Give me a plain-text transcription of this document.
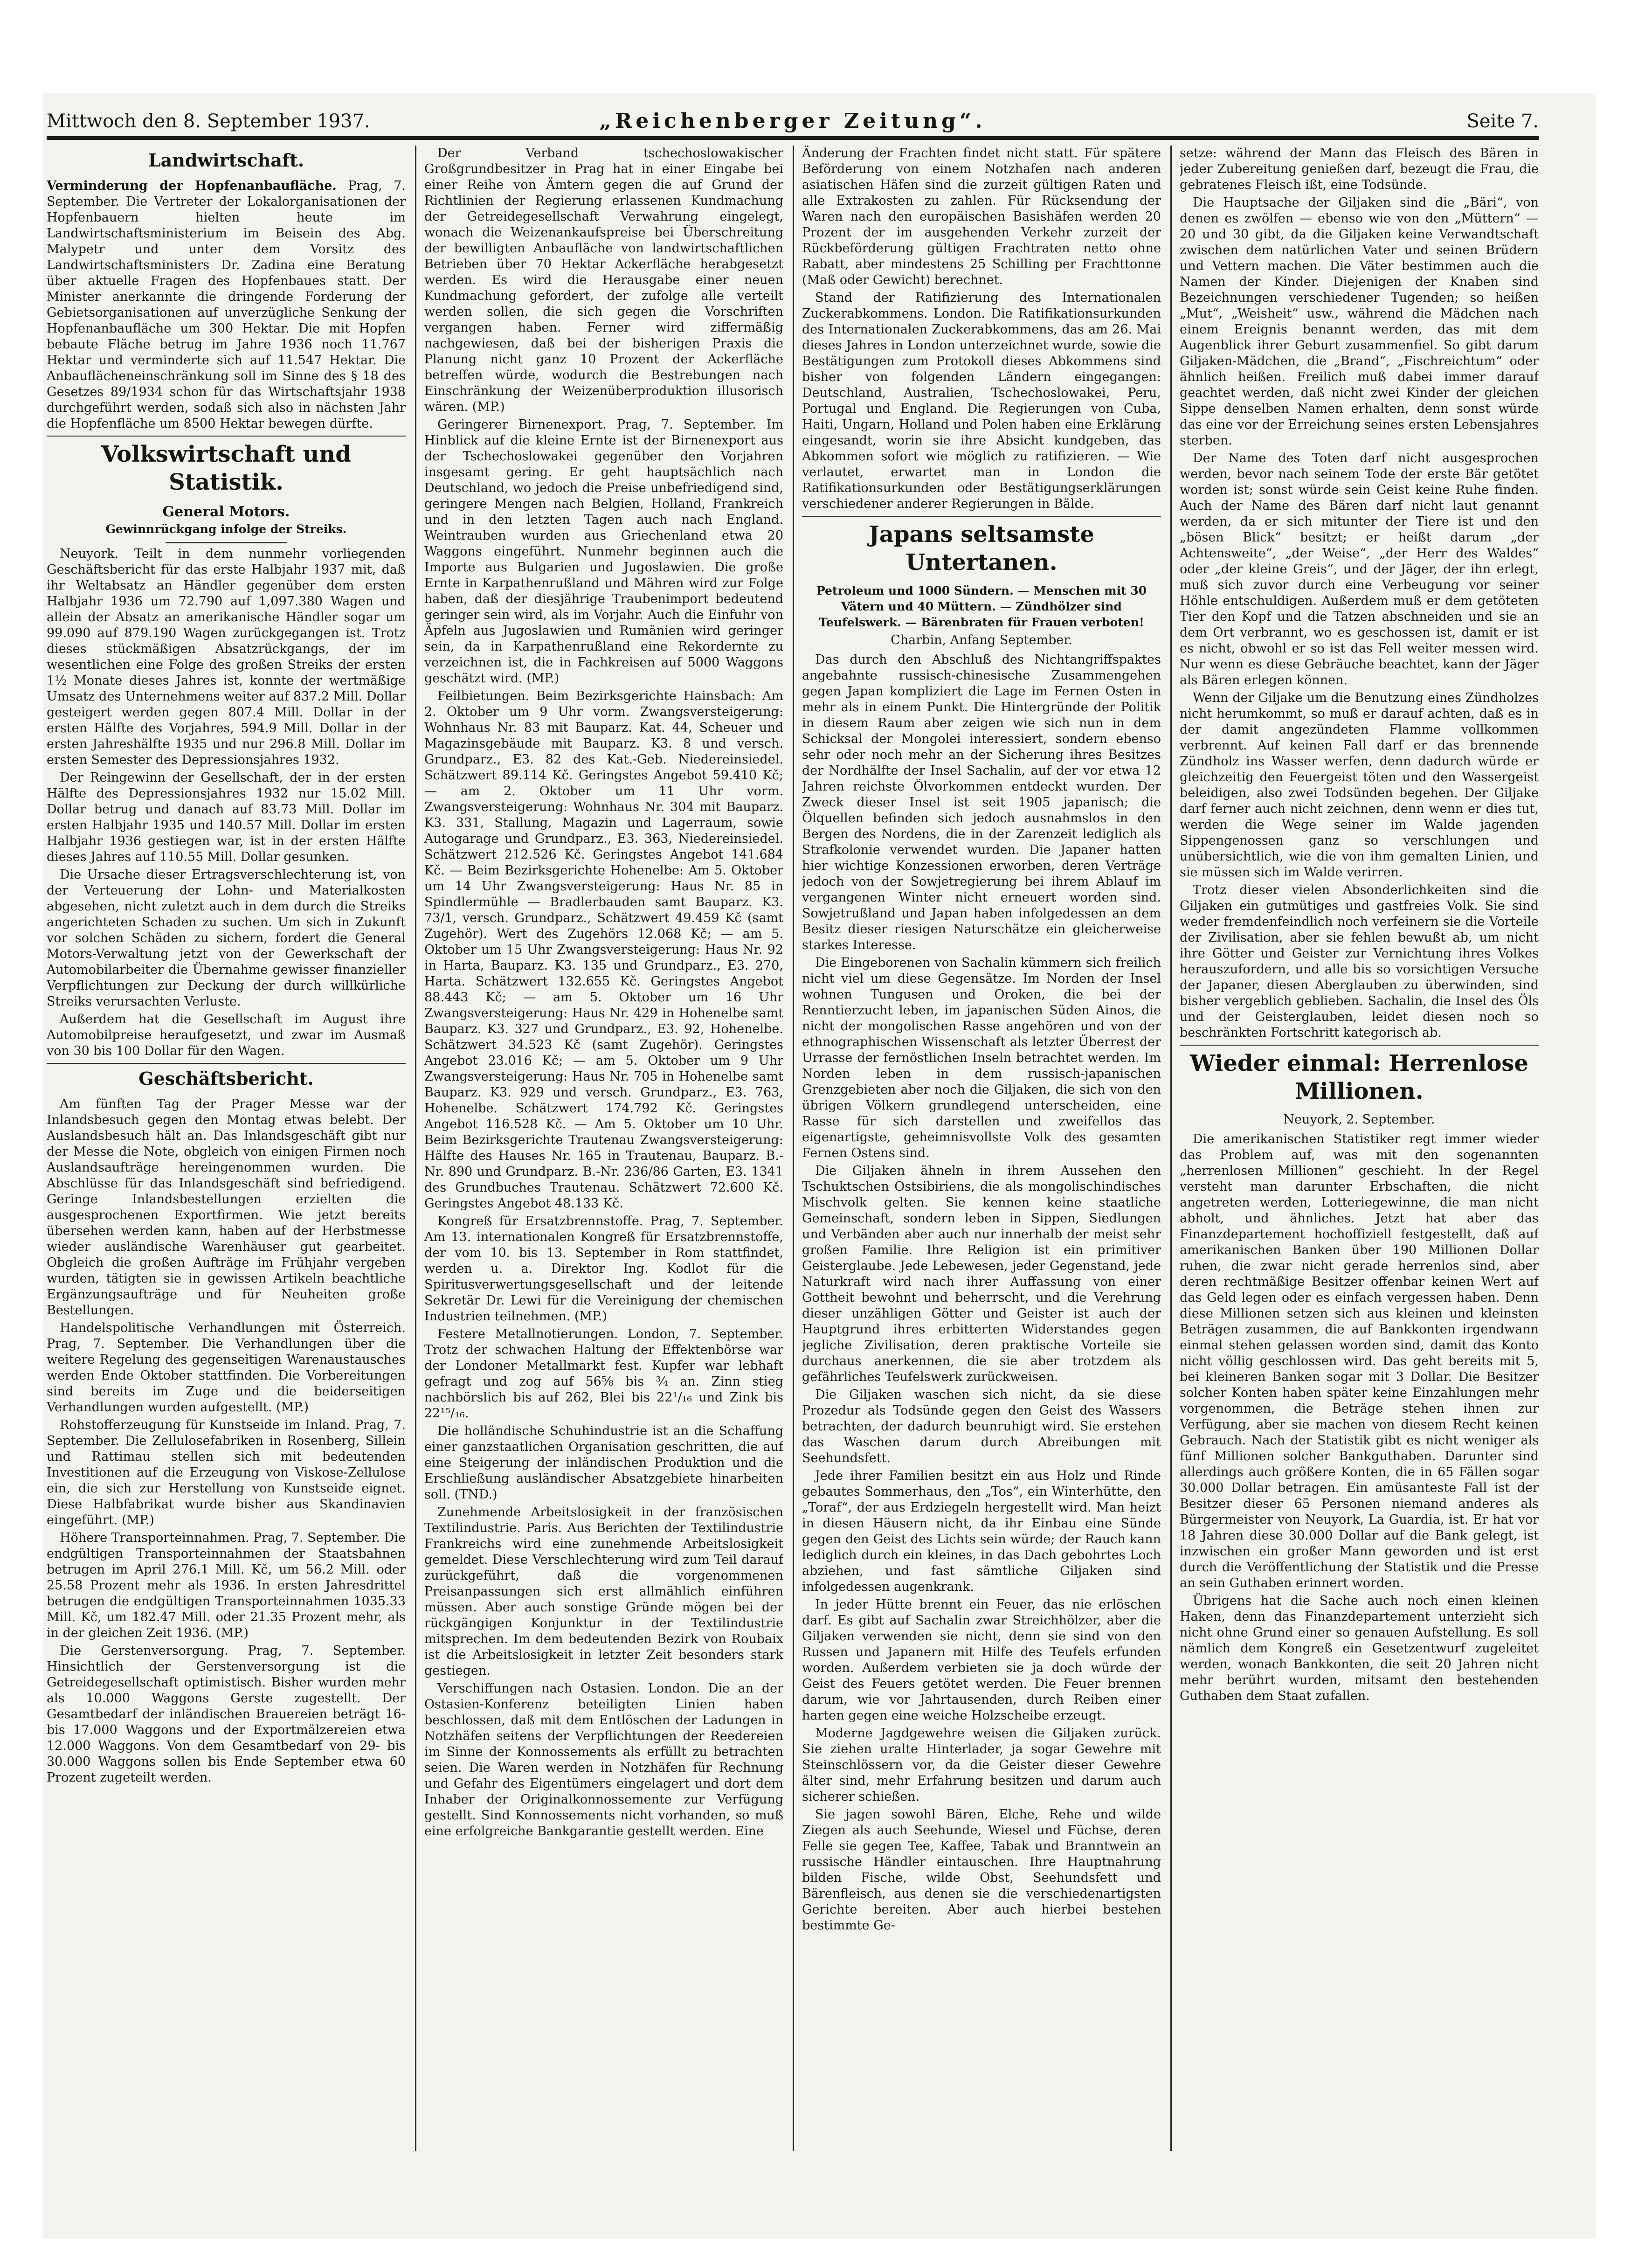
„Reichenberger Zeitung“.
Mittwoch den 8. September 1937.	Seite 7.
Landwirtschaft.

Verminderung der Hopfenanbaufläche. Prag, 7. September. Die Vertreter der Lokalorganisationen der Hopfenbauern hielten heute im Landwirtschaftsministerium im Beisein des Abg. Malypetr und unter dem Vorsitz des Landwirtschaftsministers Dr. Zadina eine Beratung über aktuelle Fragen des Hopfenbaues statt. Der Minister anerkannte die dringende Forderung der Gebietsorganisationen auf unverzügliche Senkung der Hopfenanbaufläche um 300 Hektar. Die mit Hopfen bebaute Fläche betrug im Jahre 1936 noch 11.767 Hektar und verminderte sich auf 11.547 Hektar. Die Anbauflächeneinschränkung soll im Sinne des § 18 des Gesetzes 89/1934 schon für das Wirtschaftsjahr 1938 durchgeführt werden, sodaß sich also in nächsten Jahr die Hopfenfläche um 8500 Hektar bewegen dürfte.

Volkswirtschaft und Statistik.
General Motors.
Gewinnrückgang infolge der Streiks.

Neuyork. Teilt in dem nunmehr vorliegenden Geschäftsbericht für das erste Halbjahr 1937 mit, daß ihr Weltabsatz an Händler gegenüber dem ersten Halbjahr 1936 um 72.790 auf 1,097.380 Wagen und allein der Absatz an amerikanische Händler sogar um 99.090 auf 879.190 Wagen zurückgegangen ist. Trotz dieses stückmäßigen Absatzrückgangs, der im wesentlichen eine Folge des großen Streiks der ersten 1½ Monate dieses Jahres ist, konnte der wertmäßige Umsatz des Unternehmens weiter auf 837.2 Mill. Dollar gesteigert werden gegen 807.4 Mill. Dollar in der ersten Hälfte des Vorjahres, 594.9 Mill. Dollar in der ersten Jahreshälfte 1935 und nur 296.8 Mill. Dollar im ersten Semester des Depressionsjahres 1932.

Der Reingewinn der Gesellschaft, der in der ersten Hälfte des Depressionsjahres 1932 nur 15.02 Mill. Dollar betrug und danach auf 83.73 Mill. Dollar im ersten Halbjahr 1935 und 140.57 Mill. Dollar im ersten Halbjahr 1936 gestiegen war, ist in der ersten Hälfte dieses Jahres auf 110.55 Mill. Dollar gesunken.

Die Ursache dieser Ertragsverschlechterung ist, von der Verteuerung der Lohn- und Materialkosten abgesehen, nicht zuletzt auch in dem durch die Streiks angerichteten Schaden zu suchen. Um sich in Zukunft vor solchen Schäden zu sichern, fordert die General Motors-Verwaltung jetzt von der Gewerkschaft der Automobilarbeiter die Übernahme gewisser finanzieller Verpflichtungen zur Deckung der durch willkürliche Streiks verursachten Verluste.

Außerdem hat die Gesellschaft im August ihre Automobilpreise heraufgesetzt, und zwar im Ausmaß von 30 bis 100 Dollar für den Wagen.

Geschäftsbericht.

Am fünften Tag der Prager Messe war der Inlandsbesuch gegen den Montag etwas belebt. Der Auslandsbesuch hält an. Das Inlandsgeschäft gibt nur der Messe die Note, obgleich von einigen Firmen noch Auslandsaufträge hereingenommen wurden. Die Abschlüsse für das Inlandsgeschäft sind befriedigend. Geringe Inlandsbestellungen erzielten die ausgesprochenen Exportfirmen. Wie jetzt bereits übersehen werden kann, haben auf der Herbstmesse wieder ausländische Warenhäuser gut gearbeitet. Obgleich die großen Aufträge im Frühjahr vergeben wurden, tätigten sie in gewissen Artikeln beachtliche Ergänzungsaufträge und für Neuheiten große Bestellungen.

Handelspolitische Verhandlungen mit Österreich. Prag, 7. September. Die Verhandlungen über die weitere Regelung des gegenseitigen Warenaustausches werden Ende Oktober stattfinden. Die Vorbereitungen sind bereits im Zuge und die beiderseitigen Verhandlungen wurden aufgestellt. (MP.)

Rohstofferzeugung für Kunstseide im Inland. Prag, 7. September. Die Zellulosefabriken in Rosenberg, Sillein und Rattimau stellen sich mit bedeutenden Investitionen auf die Erzeugung von Viskose-Zellulose ein, die sich zur Herstellung von Kunstseide eignet. Diese Halbfabrikat wurde bisher aus Skandinavien eingeführt. (MP.)

Höhere Transporteinnahmen. Prag, 7. September. Die endgültigen Transporteinnahmen der Staatsbahnen betrugen im April 276.1 Mill. Kč, um 56.2 Mill. oder 25.58 Prozent mehr als 1936. In ersten Jahresdrittel betrugen die endgültigen Transporteinnahmen 1035.33 Mill. Kč, um 182.47 Mill. oder 21.35 Prozent mehr, als in der gleichen Zeit 1936. (MP.)

Die Gerstenversorgung. Prag, 7. September. Hinsichtlich der Gerstenversorgung ist die Getreidegesellschaft optimistisch. Bisher wurden mehr als 10.000 Waggons Gerste zugestellt. Der Gesamtbedarf der inländischen Brauereien beträgt 16- bis 17.000 Waggons und der Exportmälzereien etwa 12.000 Waggons. Von dem Gesamtbedarf von 29- bis 30.000 Waggons sollen bis Ende September etwa 60 Prozent zugeteilt werden.

Der Verband tschechoslowakischer Großgrundbesitzer in Prag hat in einer Eingabe bei einer Reihe von Ämtern gegen die auf Grund der Richtlinien der Regierung erlassenen Kundmachung der Getreidegesellschaft Verwahrung eingelegt, wonach die Weizenankaufspreise bei Überschreitung der bewilligten Anbaufläche von landwirtschaftlichen Betrieben über 70 Hektar Ackerfläche herabgesetzt werden. Es wird die Herausgabe einer neuen Kundmachung gefordert, der zufolge alle verteilt werden sollen, die sich gegen die Vorschriften vergangen haben. Ferner wird ziffermäßig nachgewiesen, daß bei der bisherigen Praxis die Planung nicht ganz 10 Prozent der Ackerfläche betreffen würde, wodurch die Bestrebungen nach Einschränkung der Weizenüberproduktion illusorisch wären. (MP.)

Geringerer Birnenexport. Prag, 7. September. Im Hinblick auf die kleine Ernte ist der Birnenexport aus der Tschechoslowakei gegenüber den Vorjahren insgesamt gering. Er geht hauptsächlich nach Deutschland, wo jedoch die Preise unbefriedigend sind, geringere Mengen nach Belgien, Holland, Frankreich und in den letzten Tagen auch nach England. Weintrauben wurden aus Griechenland etwa 20 Waggons eingeführt. Nunmehr beginnen auch die Importe aus Bulgarien und Jugoslawien. Die große Ernte in Karpathenrußland und Mähren wird zur Folge haben, daß der diesjährige Traubenimport bedeutend geringer sein wird, als im Vorjahr. Auch die Einfuhr von Äpfeln aus Jugoslawien und Rumänien wird geringer sein, da in Karpathenrußland eine Rekordernte zu verzeichnen ist, die in Fachkreisen auf 5000 Waggons geschätzt wird. (MP.)

Feilbietungen. Beim Bezirksgerichte Hainsbach: Am 2. Oktober um 9 Uhr vorm. Zwangsversteigerung: Wohnhaus Nr. 83 mit Bauparz. Kat. 44, Scheuer und Magazinsgebäude mit Bauparz. K3. 8 und versch. Grundparz., E3. 82 des Kat.-Geb. Niedereinsiedel. Schätzwert 89.114 Kč. Geringstes Angebot 59.410 Kč; — am 2. Oktober um 11 Uhr vorm. Zwangsversteigerung: Wohnhaus Nr. 304 mit Bauparz. K3. 331, Stallung, Magazin und Lagerraum, sowie Autogarage und Grundparz., E3. 363, Niedereinsiedel. Schätzwert 212.526 Kč. Geringstes Angebot 141.684 Kč. — Beim Bezirksgerichte Hohenelbe: Am 5. Oktober um 14 Uhr Zwangsversteigerung: Haus Nr. 85 in Spindlermühle — Bradlerbauden samt Bauparz. K3. 73/1, versch. Grundparz., Schätzwert 49.459 Kč (samt Zugehör). Wert des Zugehörs 12.068 Kč; — am 5. Oktober um 15 Uhr Zwangsversteigerung: Haus Nr. 92 in Harta, Bauparz. K3. 135 und Grundparz., E3. 270, Harta. Schätzwert 132.655 Kč. Geringstes Angebot 88.443 Kč; — am 5. Oktober um 16 Uhr Zwangsversteigerung: Haus Nr. 429 in Hohenelbe samt Bauparz. K3. 327 und Grundparz., E3. 92, Hohenelbe. Schätzwert 34.523 Kč (samt Zugehör). Geringstes Angebot 23.016 Kč; — am 5. Oktober um 9 Uhr Zwangsversteigerung: Haus Nr. 705 in Hohenelbe samt Bauparz. K3. 929 und versch. Grundparz., E3. 763, Hohenelbe. Schätzwert 174.792 Kč. Geringstes Angebot 116.528 Kč. — Am 5. Oktober um 10 Uhr. Beim Bezirksgerichte Trautenau Zwangsversteigerung: Hälfte des Hauses Nr. 165 in Trautenau, Bauparz. B.-Nr. 890 und Grundparz. B.-Nr. 236/86 Garten, E3. 1341 des Grundbuches Trautenau. Schätzwert 72.600 Kč. Geringstes Angebot 48.133 Kč.

Kongreß für Ersatzbrennstoffe. Prag, 7. September. Am 13. internationalen Kongreß für Ersatzbrennstoffe, der vom 10. bis 13. September in Rom stattfindet, werden u. a. Direktor Ing. Kodlot für die Spiritusverwertungsgesellschaft und der leitende Sekretär Dr. Lewi für die Vereinigung der chemischen Industrien teilnehmen. (MP.)

Festere Metallnotierungen. London, 7. September. Trotz der schwachen Haltung der Effektenbörse war der Londoner Metallmarkt fest. Kupfer war lebhaft gefragt und zog auf 56⅝ bis ¾ an. Zinn stieg nachbörslich bis auf 262, Blei bis 22¹/₁₆ und Zink bis 22¹⁵/₁₆.

Die holländische Schuhindustrie ist an die Schaffung einer ganzstaatlichen Organisation geschritten, die auf eine Steigerung der inländischen Produktion und die Erschließung ausländischer Absatzgebiete hinarbeiten soll. (TND.)

Zunehmende Arbeitslosigkeit in der französischen Textilindustrie. Paris. Aus Berichten der Textilindustrie Frankreichs wird eine zunehmende Arbeitslosigkeit gemeldet. Diese Verschlechterung wird zum Teil darauf zurückgeführt, daß die vorgenommenen Preisanpassungen sich erst allmählich einführen müssen. Aber auch sonstige Gründe mögen bei der rückgängigen Konjunktur in der Textilindustrie mitsprechen. Im dem bedeutenden Bezirk von Roubaix ist die Arbeitslosigkeit in letzter Zeit besonders stark gestiegen.

Verschiffungen nach Ostasien. London. Die an der Ostasien-Konferenz beteiligten Linien haben beschlossen, daß mit dem Entlöschen der Ladungen in Notzhäfen seitens der Verpflichtungen der Reedereien im Sinne der Konnossements als erfüllt zu betrachten seien. Die Waren werden in Notzhäfen für Rechnung und Gefahr des Eigentümers eingelagert und dort dem Inhaber der Originalkonnossemente zur Verfügung gestellt. Sind Konnossements nicht vorhanden, so muß eine erfolgreiche Bankgarantie gestellt werden. Eine

Änderung der Frachten findet nicht statt. Für spätere Beförderung von einem Notzhafen nach anderen asiatischen Häfen sind die zurzeit gültigen Raten und alle Extrakosten zu zahlen. Für Rücksendung der Waren nach den europäischen Basishäfen werden 20 Prozent der im ausgehenden Verkehr zurzeit der Rückbeförderung gültigen Frachtraten netto ohne Rabatt, aber mindestens 25 Schilling per Frachttonne (Maß oder Gewicht) berechnet.

Stand der Ratifizierung des Internationalen Zuckerabkommens. London. Die Ratifikationsurkunden des Internationalen Zuckerabkommens, das am 26. Mai dieses Jahres in London unterzeichnet wurde, sowie die Bestätigungen zum Protokoll dieses Abkommens sind bisher von folgenden Ländern eingegangen: Deutschland, Australien, Tschechoslowakei, Peru, Portugal und England. Die Regierungen von Cuba, Haiti, Ungarn, Holland und Polen haben eine Erklärung eingesandt, worin sie ihre Absicht kundgeben, das Abkommen sofort wie möglich zu ratifizieren. — Wie verlautet, erwartet man in London die Ratifikationsurkunden oder Bestätigungserklärungen verschiedener anderer Regierungen in Bälde.

Japans seltsamste Untertanen.
Petroleum und 1000 Sündern. — Menschen mit 30 Vätern und 40 Müttern. — Zündhölzer sind Teufelswerk. — Bärenbraten für Frauen verboten!
Charbin, Anfang September.

Das durch den Abschluß des Nichtangriffspaktes angebahnte russisch-chinesische Zusammengehen gegen Japan kompliziert die Lage im Fernen Osten in mehr als in einem Punkt. Die Hintergründe der Politik in diesem Raum aber zeigen wie sich nun in dem Schicksal der Mongolei interessiert, sondern ebenso sehr oder noch mehr an der Sicherung ihres Besitzes der Nordhälfte der Insel Sachalin, auf der vor etwa 12 Jahren reichste Ölvorkommen entdeckt wurden. Der Zweck dieser Insel ist seit 1905 japanisch; die Ölquellen befinden sich jedoch ausnahmslos in den Bergen des Nordens, die in der Zarenzeit lediglich als Strafkolonie verwendet wurden. Die Japaner hatten hier wichtige Konzessionen erworben, deren Verträge jedoch von der Sowjetregierung bei ihrem Ablauf im vergangenen Winter nicht erneuert worden sind. Sowjetrußland und Japan haben infolgedessen an dem Besitz dieser riesigen Naturschätze ein gleicherweise starkes Interesse.

Die Eingeborenen von Sachalin kümmern sich freilich nicht viel um diese Gegensätze. Im Norden der Insel wohnen Tungusen und Oroken, die bei der Renntierzucht leben, im japanischen Süden Ainos, die nicht der mongolischen Rasse angehören und von der ethnographischen Wissenschaft als letzter Überrest der Urrasse der fernöstlichen Inseln betrachtet werden. Im Norden leben in dem russisch-japanischen Grenzgebieten aber noch die Giljaken, die sich von den übrigen Völkern grundlegend unterscheiden, eine Rasse für sich darstellen und zweifellos das eigenartigste, geheimnisvollste Volk des gesamten Fernen Ostens sind.

Die Giljaken ähneln in ihrem Aussehen den Tschuktschen Ostsibiriens, die als mongolischindisches Mischvolk gelten. Sie kennen keine staatliche Gemeinschaft, sondern leben in Sippen, Siedlungen und Verbänden aber auch nur innerhalb der meist sehr großen Familie. Ihre Religion ist ein primitiver Geisterglaube. Jede Lebewesen, jeder Gegenstand, jede Naturkraft wird nach ihrer Auffassung von einer Gottheit bewohnt und beherrscht, und die Verehrung dieser unzähligen Götter und Geister ist auch der Hauptgrund ihres erbitterten Widerstandes gegen jegliche Zivilisation, deren praktische Vorteile sie durchaus anerkennen, die sie aber trotzdem als gefährliches Teufelswerk zurückweisen.

Die Giljaken waschen sich nicht, da sie diese Prozedur als Todsünde gegen den Geist des Wassers betrachten, der dadurch beunruhigt wird. Sie erstehen das Waschen darum durch Abreibungen mit Seehundsfett.

Jede ihrer Familien besitzt ein aus Holz und Rinde gebautes Sommerhaus, den „Tos“, ein Winterhütte, den „Toraf“, der aus Erdziegeln hergestellt wird. Man heizt in diesen Häusern nicht, da ihr Einbau eine Sünde gegen den Geist des Lichts sein würde; der Rauch kann lediglich durch ein kleines, in das Dach gebohrtes Loch abziehen, und fast sämtliche Giljaken sind infolgedessen augenkrank.

In jeder Hütte brennt ein Feuer, das nie erlöschen darf. Es gibt auf Sachalin zwar Streichhölzer, aber die Giljaken verwenden sie nicht, denn sie sind von den Russen und Japanern mit Hilfe des Teufels erfunden worden. Außerdem verbieten sie ja doch würde der Geist des Feuers getötet werden. Die Feuer brennen darum, wie vor Jahrtausenden, durch Reiben einer harten gegen eine weiche Holzscheibe erzeugt.

Moderne Jagdgewehre weisen die Giljaken zurück. Sie ziehen uralte Hinterlader, ja sogar Gewehre mit Steinschlössern vor, da die Geister dieser Gewehre älter sind, mehr Erfahrung besitzen und darum auch sicherer schießen.

Sie jagen sowohl Bären, Elche, Rehe und wilde Ziegen als auch Seehunde, Wiesel und Füchse, deren Felle sie gegen Tee, Kaffee, Tabak und Branntwein an russische Händler eintauschen. Ihre Hauptnahrung bilden Fische, wilde Obst, Seehundsfett und Bärenfleisch, aus denen sie die verschiedenartigsten Gerichte bereiten. Aber auch hierbei bestehen bestimmte Ge-

setze: während der Mann das Fleisch des Bären in jeder Zubereitung genießen darf, bezeugt die Frau, die gebratenes Fleisch ißt, eine Todsünde.

Die Hauptsache der Giljaken sind die „Bäri“, von denen es zwölfen — ebenso wie von den „Müttern“ — 20 und 30 gibt, da die Giljaken keine Verwandtschaft zwischen dem natürlichen Vater und seinen Brüdern und Vettern machen. Die Väter bestimmen auch die Namen der Kinder. Diejenigen der Knaben sind Bezeichnungen verschiedener Tugenden; so heißen „Mut“, „Weisheit“ usw., während die Mädchen nach einem Ereignis benannt werden, das mit dem Augenblick ihrer Geburt zusammenfiel. So gibt darum Giljaken-Mädchen, die „Brand“, „Fischreichtum“ oder ähnlich heißen. Freilich muß dabei immer darauf geachtet werden, daß nicht zwei Kinder der gleichen Sippe denselben Namen erhalten, denn sonst würde das eine vor der Erreichung seines ersten Lebensjahres sterben.

Der Name des Toten darf nicht ausgesprochen werden, bevor nach seinem Tode der erste Bär getötet worden ist; sonst würde sein Geist keine Ruhe finden. Auch der Name des Bären darf nicht laut genannt werden, da er sich mitunter der Tiere ist und den „bösen Blick“ besitzt; er heißt darum „der Achtensweite“, „der Weise“, „der Herr des Waldes“ oder „der kleine Greis“, und der Jäger, der ihn erlegt, muß sich zuvor durch eine Verbeugung vor seiner Höhle entschuldigen. Außerdem muß er dem getöteten Tier den Kopf und die Tatzen abschneiden und sie an dem Ort verbrannt, wo es geschossen ist, damit er ist es nicht, obwohl er so ist das Fell weiter messen wird. Nur wenn es diese Gebräuche beachtet, kann der Jäger als Bären erlegen können.

Wenn der Giljake um die Benutzung eines Zündholzes nicht herumkommt, so muß er darauf achten, daß es in der damit angezündeten Flamme vollkommen verbrennt. Auf keinen Fall darf er das brennende Zündholz ins Wasser werfen, denn dadurch würde er gleichzeitig den Feuergeist töten und den Wassergeist beleidigen, also zwei Todsünden begehen. Der Giljake darf ferner auch nicht zeichnen, denn wenn er dies tut, werden die Wege seiner im Walde jagenden Sippengenossen ganz so verschlungen und unübersichtlich, wie die von ihm gemalten Linien, und sie müssen sich im Walde verirren.

Trotz dieser vielen Absonderlichkeiten sind die Giljaken ein gutmütiges und gastfreies Volk. Sie sind weder fremdenfeindlich noch verfeinern sie die Vorteile der Zivilisation, aber sie fehlen bewußt ab, um nicht ihre Götter und Geister zur Vernichtung ihres Volkes herauszufordern, und alle bis so vorsichtigen Versuche der Japaner, diesen Aberglauben zu überwinden, sind bisher vergeblich geblieben. Sachalin, die Insel des Öls und der Geisterglauben, leidet diesen noch so beschränkten Fortschritt kategorisch ab.

Wieder einmal: Herrenlose Millionen.
Neuyork, 2. September.

Die amerikanischen Statistiker regt immer wieder das Problem auf, was mit den sogenannten „herrenlosen Millionen“ geschieht. In der Regel versteht man darunter Erbschaften, die nicht angetreten werden, Lotteriegewinne, die man nicht abholt, und ähnliches. Jetzt hat aber das Finanzdepartement hochoffiziell festgestellt, daß auf amerikanischen Banken über 190 Millionen Dollar ruhen, die zwar nicht gerade herrenlos sind, aber deren rechtmäßige Besitzer offenbar keinen Wert auf das Geld legen oder es einfach vergessen haben. Denn diese Millionen setzen sich aus kleinen und kleinsten Beträgen zusammen, die auf Bankkonten irgendwann einmal stehen gelassen worden sind, damit das Konto nicht völlig geschlossen wird. Das geht bereits mit 5, bei kleineren Banken sogar mit 3 Dollar. Die Besitzer solcher Konten haben später keine Einzahlungen mehr vorgenommen, die Beträge stehen ihnen zur Verfügung, aber sie machen von diesem Recht keinen Gebrauch. Nach der Statistik gibt es nicht weniger als fünf Millionen solcher Bankguthaben. Darunter sind allerdings auch größere Konten, die in 65 Fällen sogar 30.000 Dollar betragen. Ein amüsanteste Fall ist der Besitzer dieser 65 Personen niemand anderes als Bürgermeister von Neuyork, La Guardia, ist. Er hat vor 18 Jahren diese 30.000 Dollar auf die Bank gelegt, ist inzwischen ein großer Mann geworden und ist erst durch die Veröffentlichung der Statistik und die Presse an sein Guthaben erinnert worden.

Übrigens hat die Sache auch noch einen kleinen Haken, denn das Finanzdepartement unterzieht sich nicht ohne Grund einer so genauen Aufstellung. Es soll nämlich dem Kongreß ein Gesetzentwurf zugeleitet werden, wonach Bankkonten, die seit 20 Jahren nicht mehr berührt wurden, mitsamt den bestehenden Guthaben dem Staat zufallen.
